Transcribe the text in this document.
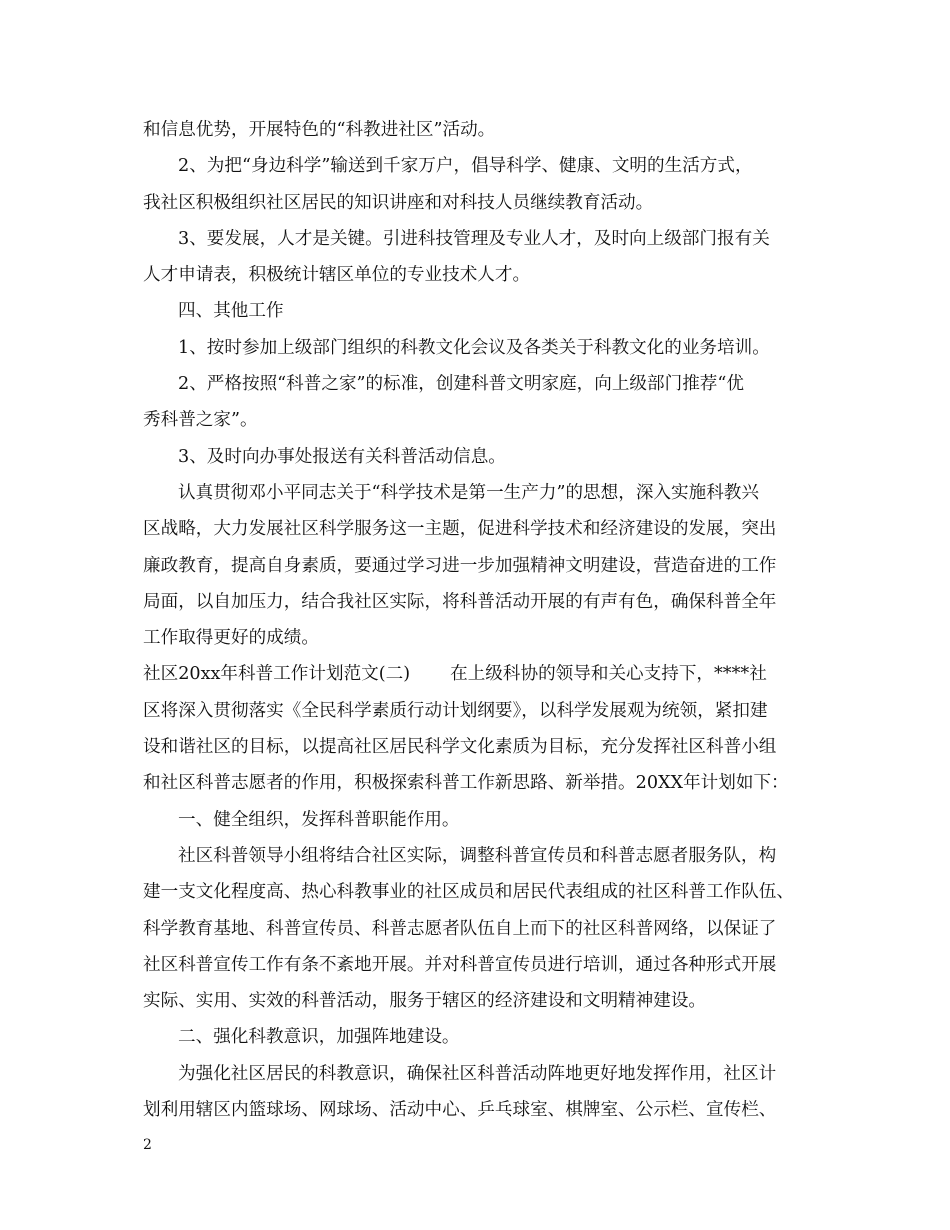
和信息优势，开展特色的“科教进社区”活动。
2、为把“身边科学”输送到千家万户，倡导科学、健康、文明的生活方式，
我社区积极组织社区居民的知识讲座和对科技人员继续教育活动。
3、要发展，人才是关键。引进科技管理及专业人才，及时向上级部门报有关
人才申请表，积极统计辖区单位的专业技术人才。
四、其他工作
1、按时参加上级部门组织的科教文化会议及各类关于科教文化的业务培训。
2、严格按照“科普之家”的标准，创建科普文明家庭，向上级部门推荐“优
秀科普之家”。
3、及时向办事处报送有关科普活动信息。
认真贯彻邓小平同志关于“科学技术是第一生产力”的思想，深入实施科教兴
区战略，大力发展社区科学服务这一主题，促进科学技术和经济建设的发展，突出
廉政教育，提高自身素质，要通过学习进一步加强精神文明建设，营造奋进的工作
局面，以自加压力，结合我社区实际，将科普活动开展的有声有色，确保科普全年
工作取得更好的成绩。
社区20xx年科普工作计划范文(二) 在上级科协的领导和关心支持下，****社
区将深入贯彻落实《全民科学素质行动计划纲要》，以科学发展观为统领，紧扣建
设和谐社区的目标，以提高社区居民科学文化素质为目标，充分发挥社区科普小组
和社区科普志愿者的作用，积极探索科普工作新思路、新举措。20XX年计划如下：
一、健全组织，发挥科普职能作用。
社区科普领导小组将结合社区实际，调整科普宣传员和科普志愿者服务队，构
建一支文化程度高、热心科教事业的社区成员和居民代表组成的社区科普工作队伍、
科学教育基地、科普宣传员、科普志愿者队伍自上而下的社区科普网络，以保证了
社区科普宣传工作有条不紊地开展。并对科普宣传员进行培训，通过各种形式开展
实际、实用、实效的科普活动，服务于辖区的经济建设和文明精神建设。
二、强化科教意识，加强阵地建设。
为强化社区居民的科教意识，确保社区科普活动阵地更好地发挥作用，社区计
划利用辖区内篮球场、网球场、活动中心、乒乓球室、棋牌室、公示栏、宣传栏、
2
